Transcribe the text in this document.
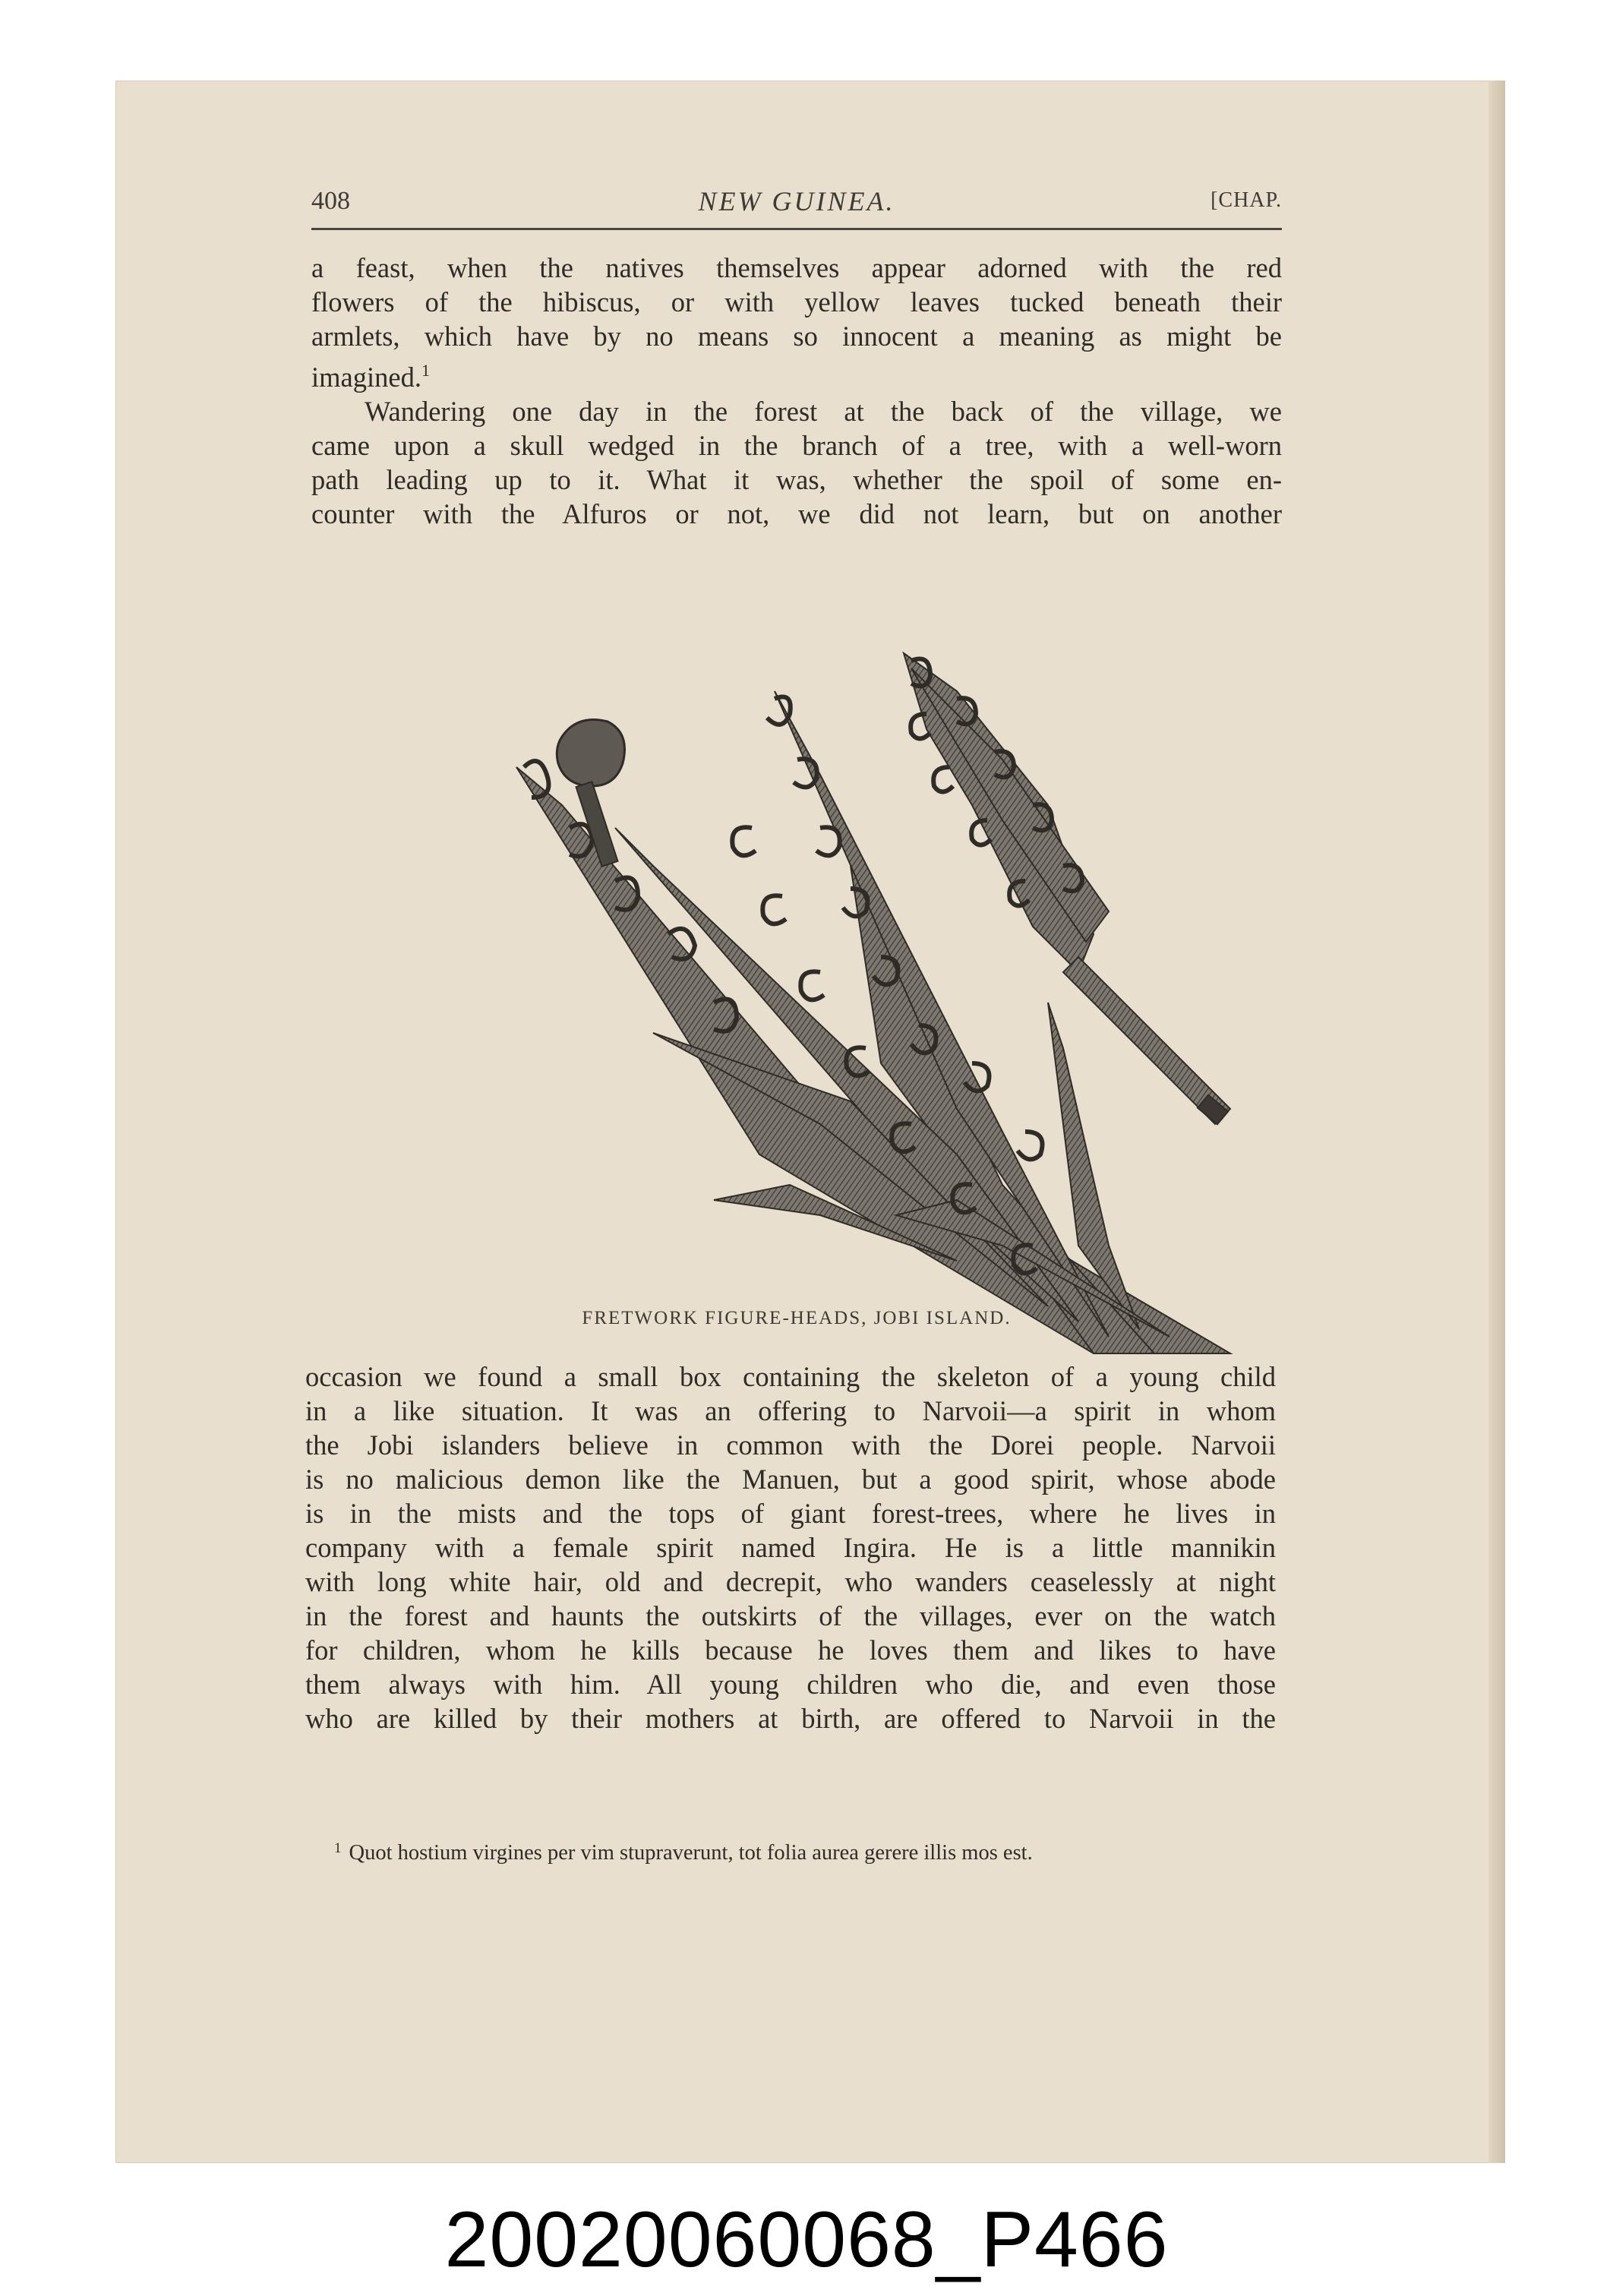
408	NEW GUINEA.	[CHAP.
a feast, when the natives themselves appear adorned with the red
flowers of the hibiscus, or with yellow leaves tucked beneath their
armlets, which have by no means so innocent a meaning as might be
imagined.$^1$
Wandering one day in the forest at the back of the village, we
came upon a skull wedged in the branch of a tree, with a well-worn
path leading up to it. What it was, whether the spoil of some en-
counter with the Alfuros or not, we did not learn, but on another
FRETWORK FIGURE-HEADS, JOBI ISLAND.
occasion we found a small box containing the skeleton of a young child
in a like situation. It was an offering to Narvoii—a spirit in whom
the Jobi islanders believe in common with the Dorei people. Narvoii
is no malicious demon like the Manuen, but a good spirit, whose abode
is in the mists and the tops of giant forest-trees, where he lives in
company with a female spirit named Ingira. He is a little mannikin
with long white hair, old and decrepit, who wanders ceaselessly at night
in the forest and haunts the outskirts of the villages, ever on the watch
for children, whom he kills because he loves them and likes to have
them always with him. All young children who die, and even those
who are killed by their mothers at birth, are offered to Narvoii in the
$^1$ Quot hostium virgines per vim stupraverunt, tot folia aurea gerere illis mos est.
20020060068_P466
